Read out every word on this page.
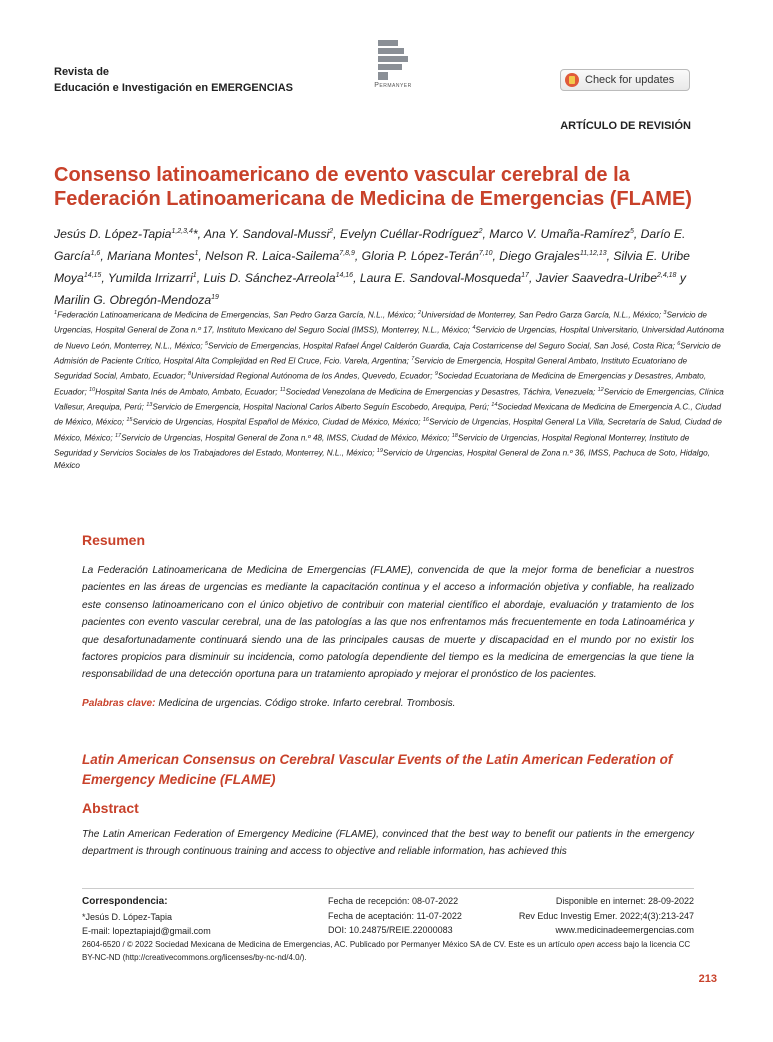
Revista de
Educación e Investigación en EMERGENCIAS	Permanyer	Check for updates
ARTÍCULO DE REVISIÓN
Consenso latinoamericano de evento vascular cerebral de la Federación Latinoamericana de Medicina de Emergencias (FLAME)
Jesús D. López-Tapia$^{1,2,3,4}$*, Ana Y. Sandoval-Mussi$^2$, Evelyn Cuéllar-Rodríguez$^2$, Marco V. Umaña-Ramírez$^5$, Darío E. García$^{1,6}$, Mariana Montes$^1$, Nelson R. Laica-Sailema$^{7,8,9}$, Gloria P. López-Terán$^{7,10}$, Diego Grajales$^{11,12,13}$, Silvia E. Uribe Moya$^{14,15}$, Yumilda Irrizarri$^1$, Luis D. Sánchez-Arreola$^{14,16}$, Laura E. Sandoval-Mosqueda$^{17}$, Javier Saavedra-Uribe$^{2,4,18}$ y Marilin G. Obregón-Mendoza$^{19}$
$^1$Federación Latinoamericana de Medicina de Emergencias, San Pedro Garza García, N.L., México; $^2$Universidad de Monterrey, San Pedro Garza García, N.L., México; $^3$Servicio de Urgencias, Hospital General de Zona n.º 17, Instituto Mexicano del Seguro Social (IMSS), Monterrey, N.L., México; $^4$Servicio de Urgencias, Hospital Universitario, Universidad Autónoma de Nuevo León, Monterrey, N.L., México; $^5$Servicio de Emergencias, Hospital Rafael Ángel Calderón Guardia, Caja Costarricense del Seguro Social, San José, Costa Rica; $^6$Servicio de Admisión de Paciente Crítico, Hospital Alta Complejidad en Red El Cruce, Fcio. Varela, Argentina; $^7$Servicio de Emergencia, Hospital General Ambato, Instituto Ecuatoriano de Seguridad Social, Ambato, Ecuador; $^8$Universidad Regional Autónoma de los Andes, Quevedo, Ecuador; $^9$Sociedad Ecuatoriana de Medicina de Emergencias y Desastres, Ambato, Ecuador; $^{10}$Hospital Santa Inés de Ambato, Ambato, Ecuador; $^{11}$Sociedad Venezolana de Medicina de Emergencias y Desastres, Táchira, Venezuela; $^{12}$Servicio de Emergencias, Clínica Vallesur, Arequipa, Perú; $^{13}$Servicio de Emergencia, Hospital Nacional Carlos Alberto Seguín Escobedo, Arequipa, Perú; $^{14}$Sociedad Mexicana de Medicina de Emergencia A.C., Ciudad de México, México; $^{15}$Servicio de Urgencias, Hospital Español de México, Ciudad de México, México; $^{16}$Servicio de Urgencias, Hospital General La Villa, Secretaría de Salud, Ciudad de México, México; $^{17}$Servicio de Urgencias, Hospital General de Zona n.º 48, IMSS, Ciudad de México, México; $^{18}$Servicio de Urgencias, Hospital Regional Monterrey, Instituto de Seguridad y Servicios Sociales de los Trabajadores del Estado, Monterrey, N.L., México; $^{19}$Servicio de Urgencias, Hospital General de Zona n.º 36, IMSS, Pachuca de Soto, Hidalgo, México
Resumen

La Federación Latinoamericana de Medicina de Emergencias (FLAME), convencida de que la mejor forma de beneficiar a nuestros pacientes en las áreas de urgencias es mediante la capacitación continua y el acceso a información objetiva y confiable, ha realizado este consenso latinoamericano con el único objetivo de contribuir con material científico el abordaje, evaluación y tratamiento de los pacientes con evento vascular cerebral, una de las patologías a las que nos enfrentamos más frecuentemente en toda Latinoamérica y que desafortunadamente continuará siendo una de las principales causas de muerte y discapacidad en el mundo por no existir los factores propicios para disminuir su incidencia, como patología dependiente del tiempo es la medicina de emergencias la que tiene la responsabilidad de una detección oportuna para un tratamiento apropiado y mejorar el pronóstico de los pacientes.

Palabras clave: Medicina de urgencias. Código stroke. Infarto cerebral. Trombosis.
Latin American Consensus on Cerebral Vascular Events of the Latin American Federation of Emergency Medicine (FLAME)
Abstract

The Latin American Federation of Emergency Medicine (FLAME), convinced that the best way to benefit our patients in the emergency department is through continuous training and access to objective and reliable information, has achieved this

Correspondencia:
*Jesús D. López-Tapia
E-mail: lopeztapiajd@gmail.com
Fecha de recepción: 08-07-2022
Fecha de aceptación: 11-07-2022
DOI: 10.24875/REIE.22000083
Disponible en internet: 28-09-2022
Rev Educ Investig Emer. 2022;4(3):213-247
www.medicinadeemergencias.com
2604-6520 / © 2022 Sociedad Mexicana de Medicina de Emergencias, AC. Publicado por Permanyer México SA de CV. Este es un artículo open access bajo la licencia CC BY-NC-ND (http://creativecommons.org/licenses/by-nc-nd/4.0/).
213
